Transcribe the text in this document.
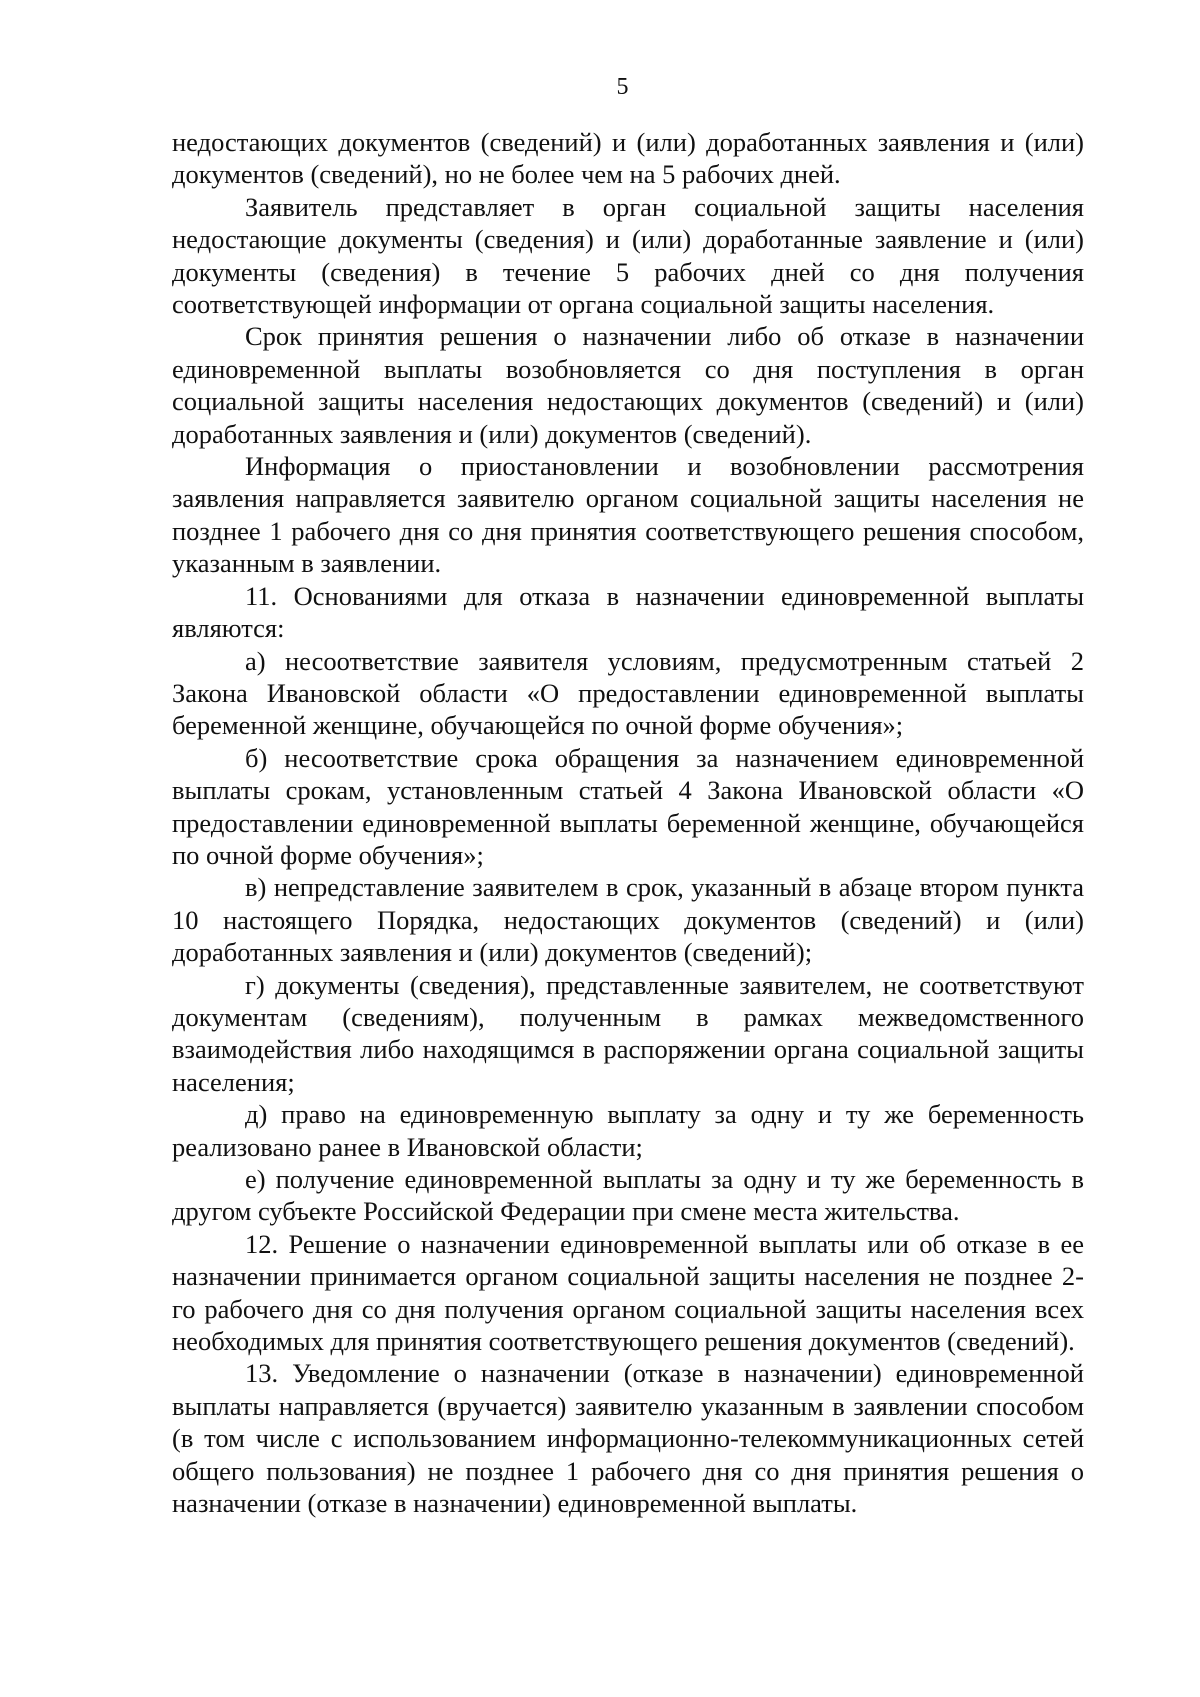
5

недостающих документов (сведений) и (или) доработанных заявления и (или) документов (сведений), но не более чем на 5 рабочих дней.

Заявитель представляет в орган социальной защиты населения недостающие документы (сведения) и (или) доработанные заявление и (или) документы (сведения) в течение 5 рабочих дней со дня получения соответствующей информации от органа социальной защиты населения.

Срок принятия решения о назначении либо об отказе в назначении единовременной выплаты возобновляется со дня поступления в орган социальной защиты населения недостающих документов (сведений) и (или) доработанных заявления и (или) документов (сведений).

Информация о приостановлении и возобновлении рассмотрения заявления направляется заявителю органом социальной защиты населения не позднее 1 рабочего дня со дня принятия соответствующего решения способом, указанным в заявлении.

11. Основаниями для отказа в назначении единовременной выплаты являются:

а) несоответствие заявителя условиям, предусмотренным статьей 2 Закона Ивановской области «О предоставлении единовременной выплаты беременной женщине, обучающейся по очной форме обучения»;

б) несоответствие срока обращения за назначением единовременной выплаты срокам, установленным статьей 4 Закона Ивановской области «О предоставлении единовременной выплаты беременной женщине, обучающейся по очной форме обучения»;

в) непредставление заявителем в срок, указанный в абзаце втором пункта 10 настоящего Порядка, недостающих документов (сведений) и (или) доработанных заявления и (или) документов (сведений);

г) документы (сведения), представленные заявителем, не соответствуют документам (сведениям), полученным в рамках межведомственного взаимодействия либо находящимся в распоряжении органа социальной защиты населения;

д) право на единовременную выплату за одну и ту же беременность реализовано ранее в Ивановской области;

е) получение единовременной выплаты за одну и ту же беременность в другом субъекте Российской Федерации при смене места жительства.

12. Решение о назначении единовременной выплаты или об отказе в ее назначении принимается органом социальной защиты населения не позднее 2-го рабочего дня со дня получения органом социальной защиты населения всех необходимых для принятия соответствующего решения документов (сведений).

13. Уведомление о назначении (отказе в назначении) единовременной выплаты направляется (вручается) заявителю указанным в заявлении способом (в том числе с использованием информационно-телекоммуникационных сетей общего пользования) не позднее 1 рабочего дня со дня принятия решения о назначении (отказе в назначении) единовременной выплаты.
